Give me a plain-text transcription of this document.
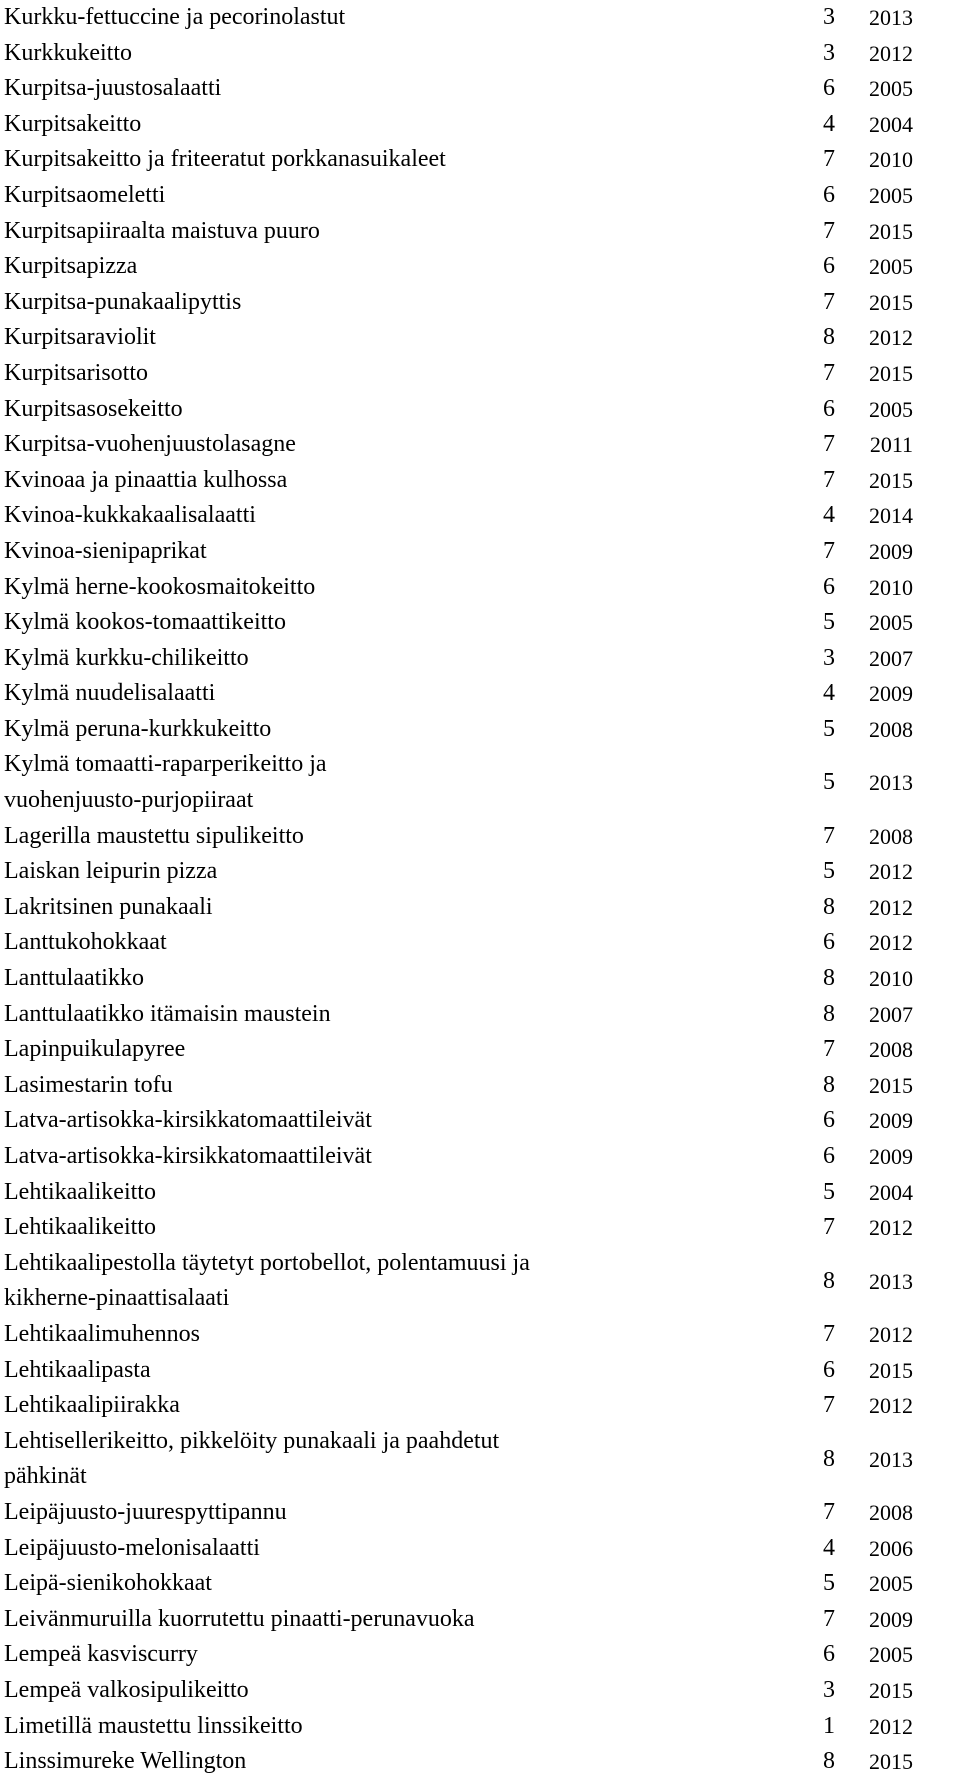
Kurkku-fettuccine ja pecorinolastut	3	2013
Kurkkukeitto	3	2012
Kurpitsa-juustosalaatti	6	2005
Kurpitsakeitto	4	2004
Kurpitsakeitto ja friteeratut porkkanasuikaleet	7	2010
Kurpitsaomeletti	6	2005
Kurpitsapiiraalta maistuva puuro	7	2015
Kurpitsapizza	6	2005
Kurpitsa-punakaalipyttis	7	2015
Kurpitsaraviolit	8	2012
Kurpitsarisotto	7	2015
Kurpitsasosekeitto	6	2005
Kurpitsa-vuohenjuustolasagne	7	2011
Kvinoaa ja pinaattia kulhossa	7	2015
Kvinoa-kukkakaalisalaatti	4	2014
Kvinoa-sienipaprikat	7	2009
Kylmä herne-kookosmaitokeitto	6	2010
Kylmä kookos-tomaattikeitto	5	2005
Kylmä kurkku-chilikeitto	3	2007
Kylmä nuudelisalaatti	4	2009
Kylmä peruna-kurkkukeitto	5	2008
Kylmä tomaatti-raparperikeitto ja
vuohenjuusto-purjopiiraat
5	2013
Lagerilla maustettu sipulikeitto	7	2008
Laiskan leipurin pizza	5	2012
Lakritsinen punakaali	8	2012
Lanttukohokkaat	6	2012
Lanttulaatikko	8	2010
Lanttulaatikko itämaisin maustein	8	2007
Lapinpuikulapyree	7	2008
Lasimestarin tofu	8	2015
Latva-artisokka-kirsikkatomaattileivät	6	2009
Latva-artisokka-kirsikkatomaattileivät	6	2009
Lehtikaalikeitto	5	2004
Lehtikaalikeitto	7	2012
Lehtikaalipestolla täytetyt portobellot, polentamuusi ja
kikherne-pinaattisalaati
8	2013
Lehtikaalimuhennos	7	2012
Lehtikaalipasta	6	2015
Lehtikaalipiirakka	7	2012
Lehtisellerikeitto, pikkelöity punakaali ja paahdetut
pähkinät
8	2013
Leipäjuusto-juurespyttipannu	7	2008
Leipäjuusto-melonisalaatti	4	2006
Leipä-sienikohokkaat	5	2005
Leivänmuruilla kuorrutettu pinaatti-perunavuoka	7	2009
Lempeä kasviscurry	6	2005
Lempeä valkosipulikeitto	3	2015
Limetillä maustettu linssikeitto	1	2012
Linssimureke Wellington	8	2015
